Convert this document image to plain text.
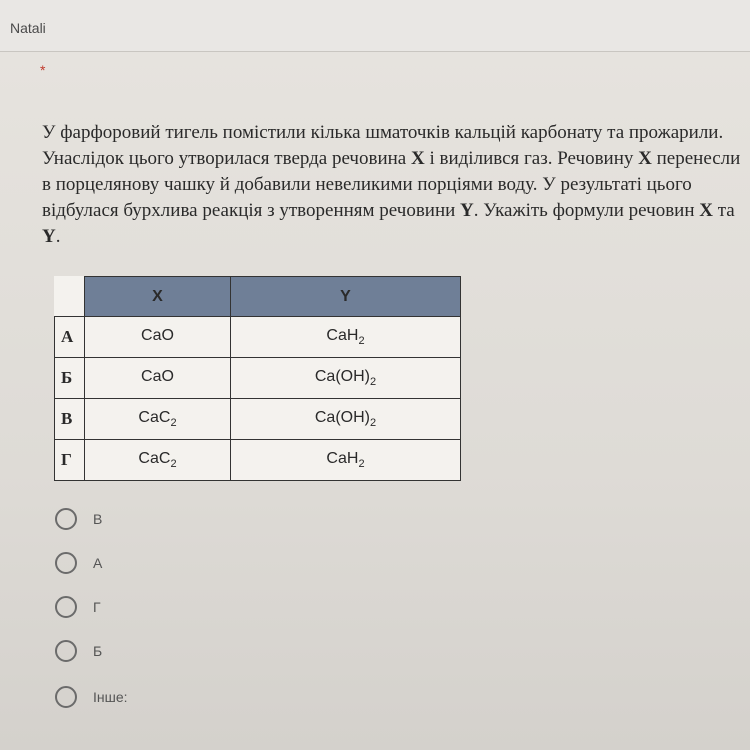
Natali
*

У фарфоровий тигель помістили кілька шматочків кальцій карбонату та прожарили. Унаслідок цього утворилася тверда речовина X і виділився газ. Речовину X перенесли в порцелянову чашку й добавили невеликими порціями воду. У результаті цього відбулася бурхлива реакція з утворенням речовини Y. Укажіть формули речовин X та Y.

	X	Y
А	CaO	CaH$_2$
Б	CaO	$Ca(OH)_2$
В	CaC$_2$	$Ca(OH)_2$
Г	CaC$_2$	CaH$_2$
В
А
Г
Б
Інше:
